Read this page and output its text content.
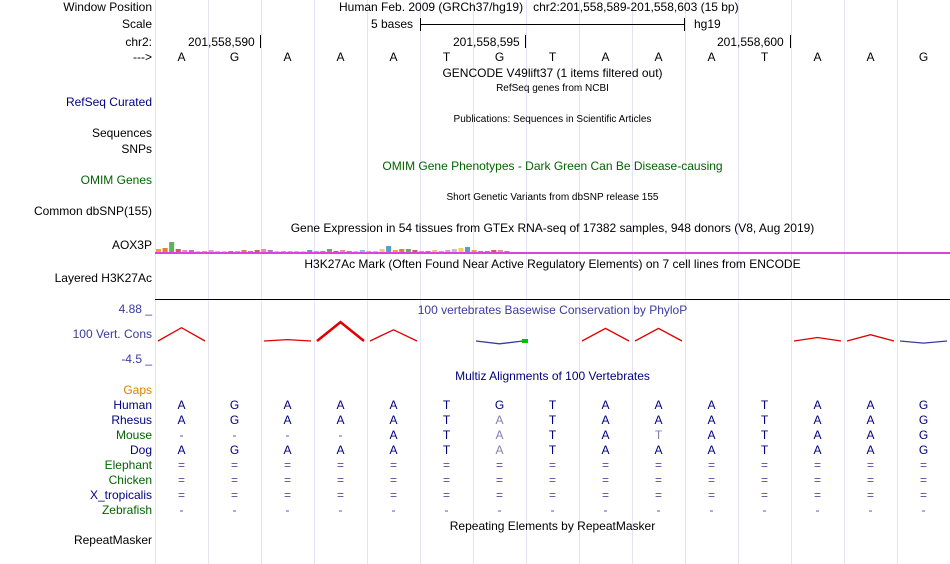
Window Position	Human Feb. 2009 (GRCh37/hg19)   chr2:201,558,589-201,558,603 (15 bp)
Scale	5 bases	hg19
chr2:	201,558,590	201,558,595	201,558,600
--->	A	G	A	A	A	T	G	T	A	A	A	T	A	A	G
GENCODE V49lift37 (1 items filtered out)
RefSeq genes from NCBI
RefSeq Curated
Publications: Sequences in Scientific Articles
Sequences
SNPs
OMIM Gene Phenotypes - Dark Green Can Be Disease-causing
OMIM Genes
Short Genetic Variants from dbSNP release 155
Common dbSNP(155)
Gene Expression in 54 tissues from GTEx RNA-seq of 17382 samples, 948 donors (V8, Aug 2019)
AOX3P
H3K27Ac Mark (Often Found Near Active Regulatory Elements) on 7 cell lines from ENCODE
Layered H3K27Ac
100 vertebrates Basewise Conservation by PhyloP
4.88 _
100 Vert. Cons
-4.5 _
Multiz Alignments of 100 Vertebrates
Gaps
Human	A	G	A	A	A	T	G	T	A	A	A	T	A	A	G
Rhesus	A	G	A	A	A	T	A	T	A	A	A	T	A	A	G
Mouse	-	-	-	-	A	T	A	T	A	T	A	T	A	A	G
Dog	A	G	A	A	A	T	A	T	A	A	A	T	A	A	G
Elephant	=	=	=	=	=	=	=	=	=	=	=	=	=	=	=
Chicken	=	=	=	=	=	=	=	=	=	=	=	=	=	=	=
X_tropicalis	=	=	=	=	=	=	=	=	=	=	=	=	=	=	=
Zebrafish	-	-	-	-	-	-	-	-	-	-	-	-	-	-	-
Repeating Elements by RepeatMasker
RepeatMasker
